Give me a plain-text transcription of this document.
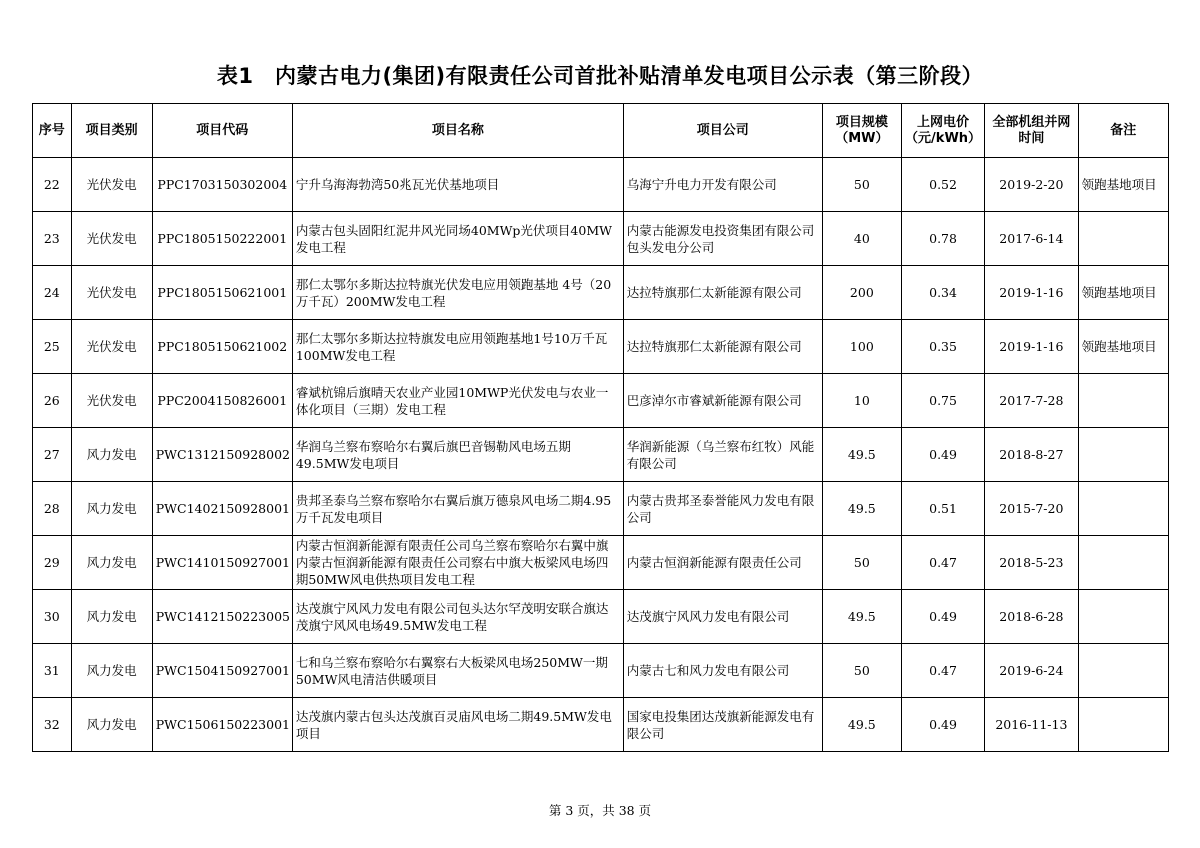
表1　内蒙古电力(集团)有限责任公司首批补贴清单发电项目公示表（第三阶段）
序号	项目类别	项目代码	项目名称	项目公司	项目规模（MW）	上网电价（元/kWh）	全部机组并网时间	备注
22	光伏发电	PPC1703150302004	宁升乌海海勃湾50兆瓦光伏基地项目	乌海宁升电力开发有限公司	50	0.52	2019-2-20	领跑基地项目
23	光伏发电	PPC1805150222001	内蒙古包头固阳红泥井风光同场40MWp光伏项目40MW发电工程	内蒙古能源发电投资集团有限公司包头发电分公司	40	0.78	2017-6-14	
24	光伏发电	PPC1805150621001	那仁太鄂尔多斯达拉特旗光伏发电应用领跑基地 4号（20万千瓦）200MW发电工程	达拉特旗那仁太新能源有限公司	200	0.34	2019-1-16	领跑基地项目
25	光伏发电	PPC1805150621002	那仁太鄂尔多斯达拉特旗发电应用领跑基地1号10万千瓦100MW发电工程	达拉特旗那仁太新能源有限公司	100	0.35	2019-1-16	领跑基地项目
26	光伏发电	PPC2004150826001	睿斌杭锦后旗晴天农业产业园10MWP光伏发电与农业一体化项目（三期）发电工程	巴彦淖尔市睿斌新能源有限公司	10	0.75	2017-7-28	
27	风力发电	PWC1312150928002	华润乌兰察布察哈尔右翼后旗巴音锡勒风电场五期49.5MW发电项目	华润新能源（乌兰察布红牧）风能有限公司	49.5	0.49	2018-8-27	
28	风力发电	PWC1402150928001	贵邦圣泰乌兰察布察哈尔右翼后旗万德泉风电场二期4.95万千瓦发电项目	内蒙古贵邦圣泰誉能风力发电有限公司	49.5	0.51	2015-7-20	
29	风力发电	PWC1410150927001	内蒙古恒润新能源有限责任公司乌兰察布察哈尔右翼中旗内蒙古恒润新能源有限责任公司察右中旗大板梁风电场四期50MW风电供热项目发电工程	内蒙古恒润新能源有限责任公司	50	0.47	2018-5-23	
30	风力发电	PWC1412150223005	达茂旗宁风风力发电有限公司包头达尔罕茂明安联合旗达茂旗宁风风电场49.5MW发电工程	达茂旗宁风风力发电有限公司	49.5	0.49	2018-6-28	
31	风力发电	PWC1504150927001	七和乌兰察布察哈尔右翼察右大板梁风电场250MW一期50MW风电清洁供暖项目	内蒙古七和风力发电有限公司	50	0.47	2019-6-24	
32	风力发电	PWC1506150223001	达茂旗内蒙古包头达茂旗百灵庙风电场二期49.5MW发电项目	国家电投集团达茂旗新能源发电有限公司	49.5	0.49	2016-11-13	
第 3 页，共 38 页
